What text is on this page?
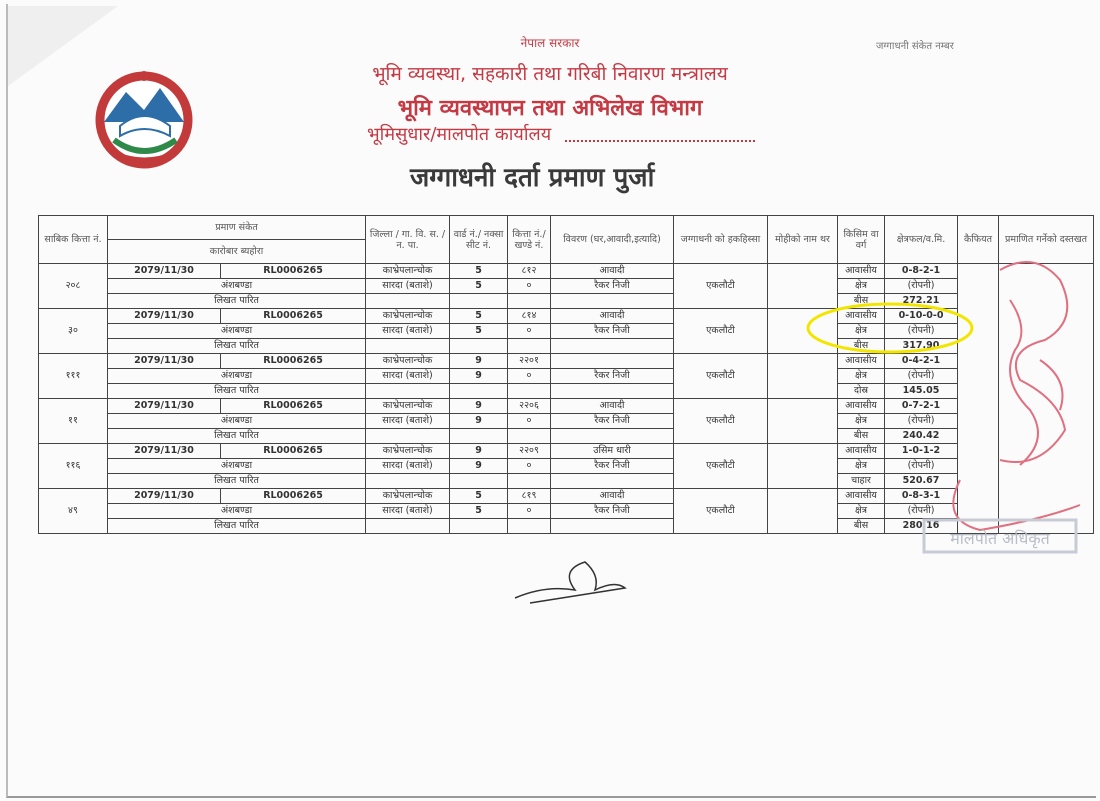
नेपाल सरकार
भूमि व्यवस्था, सहकारी तथा गरिबी निवारण मन्त्रालय
भूमि व्यवस्थापन तथा अभिलेख विभाग
भूमिसुधार/मालपोत कार्यालय
जग्गाधनी दर्ता प्रमाण पुर्जा
जग्गाधनी संकेत नम्बर
साबिक कित्ता नं.	प्रमाण संकेत		जिल्ला / गा. वि. स. / न. पा.	वार्ड नं./ नक्सा सीट नं.	कित्ता नं./ खण्डे नं.	विवरण (घर,आवादी,इत्यादि)	जग्गाधनी को हकहिस्सा	मोहीको नाम थर	किसिम वा वर्ग	क्षेत्रफल/व.मि.	कैफियत	प्रमाणित गर्नेको दस्तखत
	कारोबार ब्यहोरा											
२०८	2079/11/30	RL0006265	काभ्रेपलान्चोक	5	८१२	आवादी	एकलौटी		आवासीय	0-8-2-1		
	अंशबण्डा		सारदा (बताशे)	5	०	रैकर निजी			क्षेत्र	(रोपनी)		
	लिखत पारित								बीस	272.21		
३०	2079/11/30	RL0006265	काभ्रेपलान्चोक	5	८१४	आवादी	एकलौटी		आवासीय	0-10-0-0		
	अंशबण्डा		सारदा (बताशे)	5	०	रैकर निजी			क्षेत्र	(रोपनी)		
	लिखत पारित								बीस	317.90		
१११	2079/11/30	RL0006265	काभ्रेपलान्चोक	9	२२०१		एकलौटी		आवासीय	0-4-2-1		
	अंशबण्डा		सारदा (बताशे)	9	०	रैकर निजी			क्षेत्र	(रोपनी)		
	लिखत पारित								दोस्र	145.05		
११	2079/11/30	RL0006265	काभ्रेपलान्चोक	9	२२०६	आवादी	एकलौटी		आवासीय	0-7-2-1		
	अंशबण्डा		सारदा (बताशे)	9	०	रैकर निजी			क्षेत्र	(रोपनी)		
	लिखत पारित								बीस	240.42		
११६	2079/11/30	RL0006265	काभ्रेपलान्चोक	9	२२०९	उसिम धारी	एकलौटी		आवासीय	1-0-1-2		
	अंशबण्डा		सारदा (बताशे)	9	०	रैकर निजी			क्षेत्र	(रोपनी)		
	लिखत पारित								चाहार	520.67		
४९	2079/11/30	RL0006265	काभ्रेपलान्चोक	5	८१९	आवादी	एकलौटी		आवासीय	0-8-3-1		
	अंशबण्डा		सारदा (बताशे)	5	०	रैकर निजी			क्षेत्र	(रोपनी)		
	लिखत पारित								बीस	280.16		
मालपोत अधिकृत
